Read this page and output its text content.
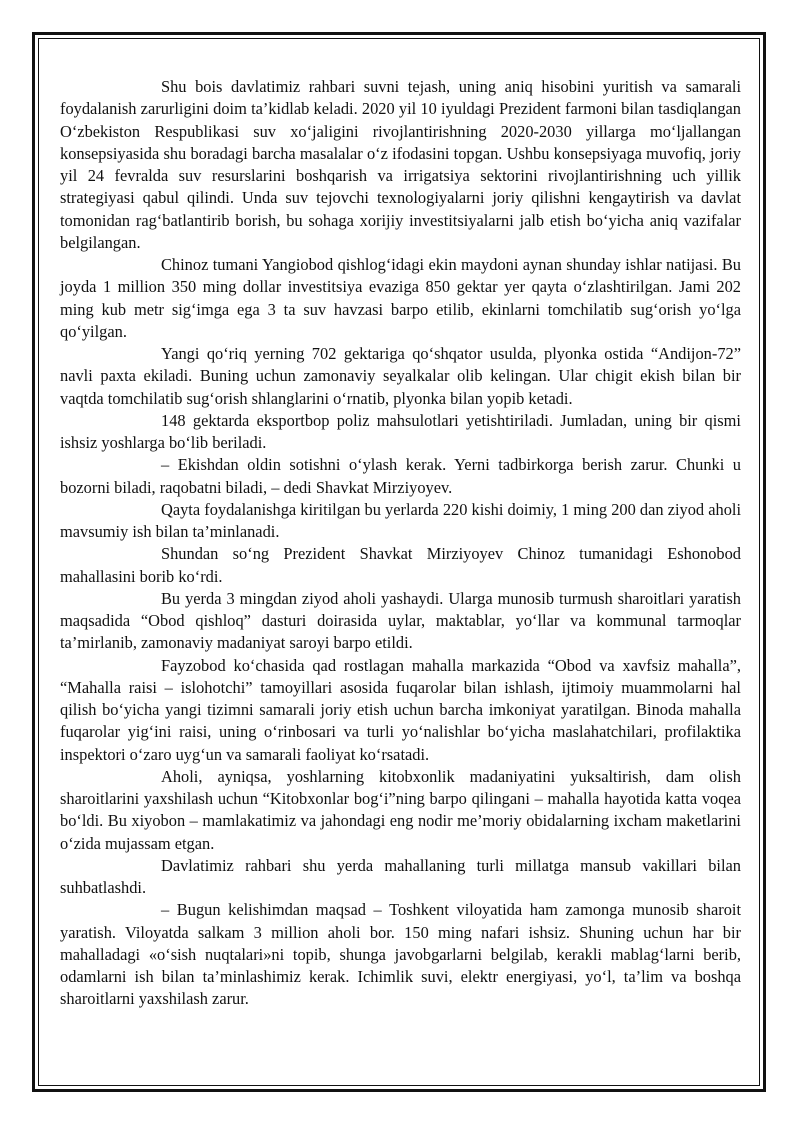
Shu bois davlatimiz rahbari suvni tejash, uning aniq hisobini yuritish va samarali foydalanish zarurligini doim ta’kidlab keladi. 2020 yil 10 iyuldagi Prezident farmoni bilan tasdiqlangan O‘zbekiston Respublikasi suv xo‘jaligini rivojlantirishning 2020-2030 yillarga mo‘ljallangan konsepsiyasida shu boradagi barcha masalalar o‘z ifodasini topgan. Ushbu konsepsiyaga muvofiq, joriy yil 24 fevralda suv resurslarini boshqarish va irrigatsiya sektorini rivojlantirishning uch yillik strategiyasi qabul qilindi. Unda suv tejovchi texnologiyalarni joriy qilishni kengaytirish va davlat tomonidan rag‘batlantirib borish, bu sohaga xorijiy investitsiyalarni jalb etish bo‘yicha aniq vazifalar belgilangan.

Chinoz tumani Yangiobod qishlog‘idagi ekin maydoni aynan shunday ishlar natijasi. Bu joyda 1 million 350 ming dollar investitsiya evaziga 850 gektar yer qayta o‘zlashtirilgan. Jami 202 ming kub metr sig‘imga ega 3 ta suv havzasi barpo etilib, ekinlarni tomchilatib sug‘orish yo‘lga qo‘yilgan.

Yangi qo‘riq yerning 702 gektariga qo‘shqator usulda, plyonka ostida “Andijon-72” navli paxta ekiladi. Buning uchun zamonaviy seyalkalar olib kelingan. Ular chigit ekish bilan bir vaqtda tomchilatib sug‘orish shlanglarini o‘rnatib, plyonka bilan yopib ketadi.

148 gektarda eksportbop poliz mahsulotlari yetishtiriladi. Jumladan, uning bir qismi ishsiz yoshlarga bo‘lib beriladi.

– Ekishdan oldin sotishni o‘ylash kerak. Yerni tadbirkorga berish zarur. Chunki u bozorni biladi, raqobatni biladi, – dedi Shavkat Mirziyoyev.

Qayta foydalanishga kiritilgan bu yerlarda 220 kishi doimiy, 1 ming 200 dan ziyod aholi mavsumiy ish bilan ta’minlanadi.

Shundan so‘ng Prezident Shavkat Mirziyoyev Chinoz tumanidagi Eshonobod mahallasini borib ko‘rdi.

Bu yerda 3 mingdan ziyod aholi yashaydi. Ularga munosib turmush sharoitlari yaratish maqsadida “Obod qishloq” dasturi doirasida uylar, maktablar, yo‘llar va kommunal tarmoqlar ta’mirlanib, zamonaviy madaniyat saroyi barpo etildi.

Fayzobod ko‘chasida qad rostlagan mahalla markazida “Obod va xavfsiz mahalla”, “Mahalla raisi – islohotchi” tamoyillari asosida fuqarolar bilan ishlash, ijtimoiy muammolarni hal qilish bo‘yicha yangi tizimni samarali joriy etish uchun barcha imkoniyat yaratilgan. Binoda mahalla fuqarolar yig‘ini raisi, uning o‘rinbosari va turli yo‘nalishlar bo‘yicha maslahatchilari, profilaktika inspektori o‘zaro uyg‘un va samarali faoliyat ko‘rsatadi.

Aholi, ayniqsa, yoshlarning kitobxonlik madaniyatini yuksaltirish, dam olish sharoitlarini yaxshilash uchun “Kitobxonlar bog‘i”ning barpo qilingani – mahalla hayotida katta voqea bo‘ldi. Bu xiyobon – mamlakatimiz va jahondagi eng nodir me’moriy obidalarning ixcham maketlarini o‘zida mujassam etgan.

Davlatimiz rahbari shu yerda mahallaning turli millatga mansub vakillari bilan suhbatlashdi.

– Bugun kelishimdan maqsad – Toshkent viloyatida ham zamonga munosib sharoit yaratish. Viloyatda salkam 3 million aholi bor. 150 ming nafari ishsiz. Shuning uchun har bir mahalladagi «o‘sish nuqtalari»ni topib, shunga javobgarlarni belgilab, kerakli mablag‘larni berib, odamlarni ish bilan ta’minlashimiz kerak. Ichimlik suvi, elektr energiyasi, yo‘l, ta’lim va boshqa sharoitlarni yaxshilash zarur.
